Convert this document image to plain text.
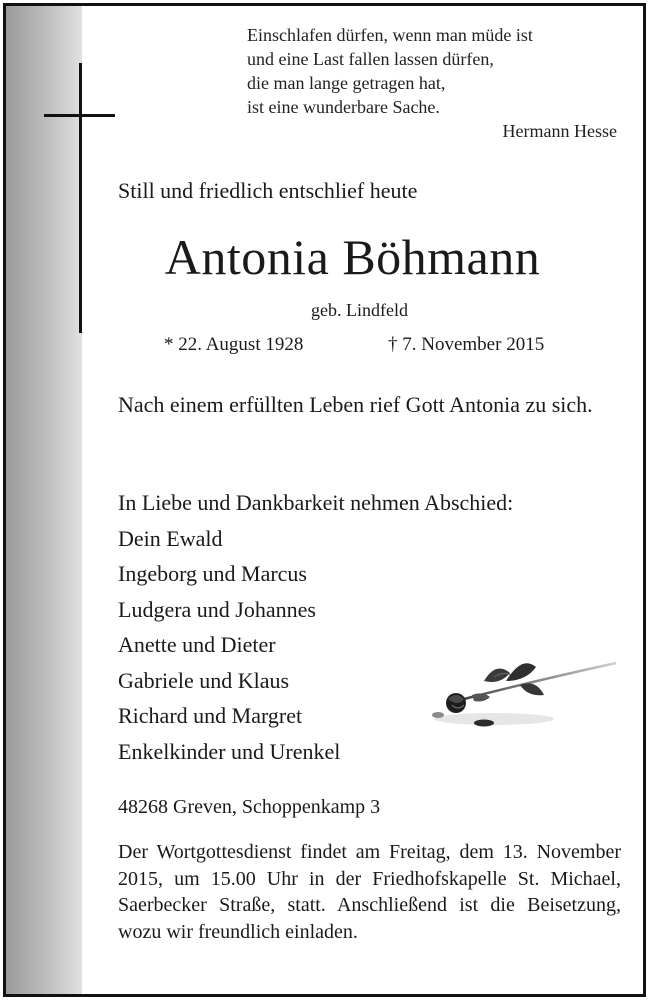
Einschlafen dürfen, wenn man müde ist
und eine Last fallen lassen dürfen,
die man lange getragen hat,
ist eine wunderbare Sache.
Hermann Hesse
Still und friedlich entschlief heute
Antonia Böhmann
geb. Lindfeld
* 22. August 1928	† 7. November 2015
Nach einem erfüllten Leben rief Gott Antonia zu sich.
In Liebe und Dankbarkeit nehmen Abschied:
Dein Ewald
Ingeborg und Marcus
Ludgera und Johannes
Anette und Dieter
Gabriele und Klaus
Richard und Margret
Enkelkinder und Urenkel
48268 Greven, Schoppenkamp 3
Der Wortgottesdienst findet am Freitag, dem 13. November 2015, um 15.00 Uhr in der Friedhofskapelle St. Michael, Saerbecker Straße, statt. Anschließend ist die Beisetzung, wozu wir freundlich einladen.
